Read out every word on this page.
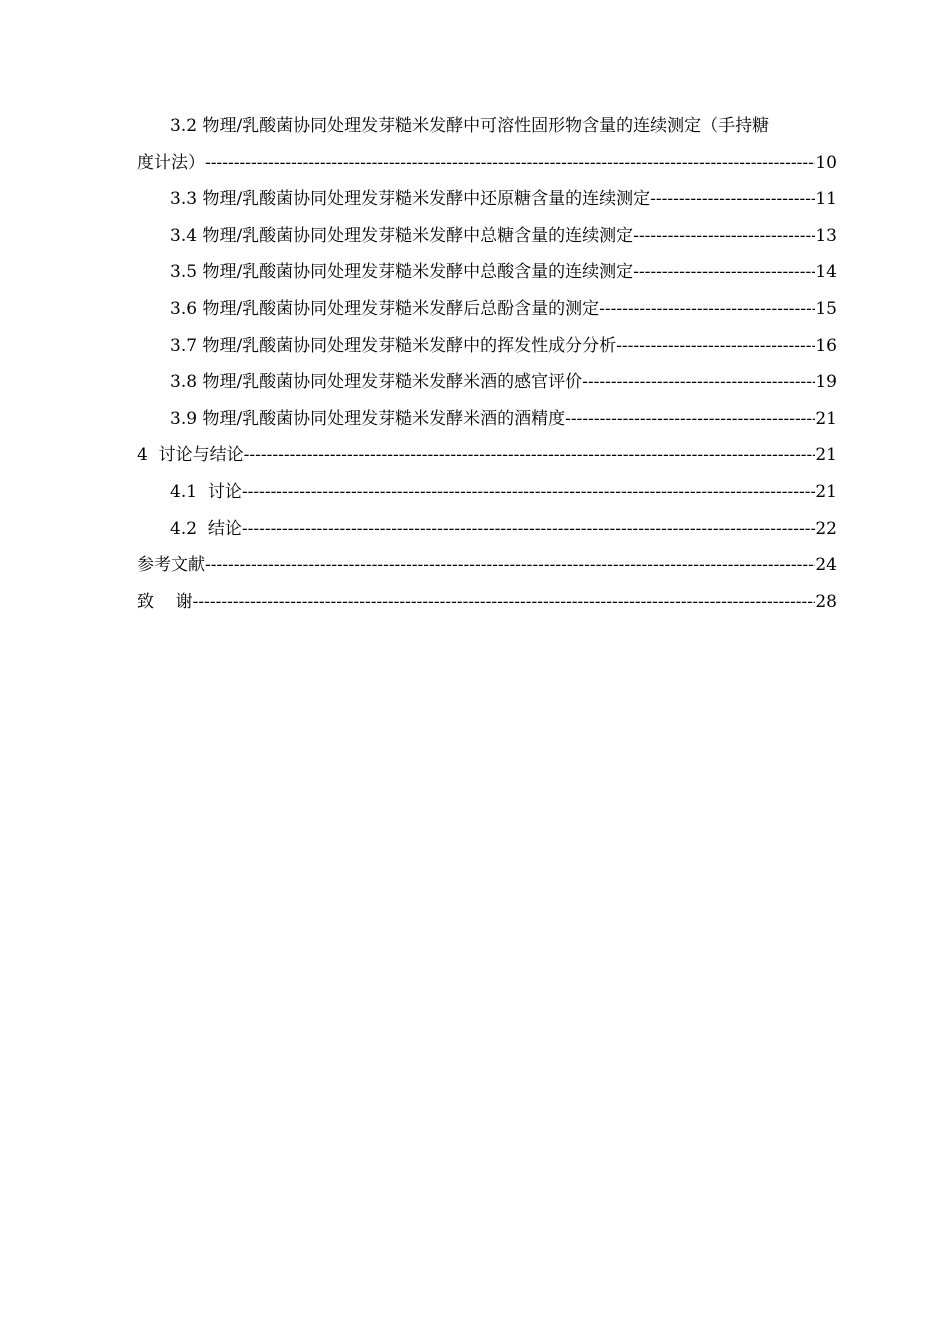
3.2 物理/乳酸菌协同处理发芽糙米发酵中可溶性固形物含量的连续测定（手持糖
度计法） -----	10
3.3 物理/乳酸菌协同处理发芽糙米发酵中还原糖含量的连续测定 -----	11
3.4 物理/乳酸菌协同处理发芽糙米发酵中总糖含量的连续测定 -----	13
3.5 物理/乳酸菌协同处理发芽糙米发酵中总酸含量的连续测定 -----	14
3.6 物理/乳酸菌协同处理发芽糙米发酵后总酚含量的测定 -----	15
3.7 物理/乳酸菌协同处理发芽糙米发酵中的挥发性成分分析 -----	16
3.8 物理/乳酸菌协同处理发芽糙米发酵米酒的感官评价 -----	19
3.9 物理/乳酸菌协同处理发芽糙米发酵米酒的酒精度 -----	21
4  讨论与结论 -----	21
4.1  讨论 -----	21
4.2  结论 -----	22
参考文献 -----	24
致    谢 -----	28
